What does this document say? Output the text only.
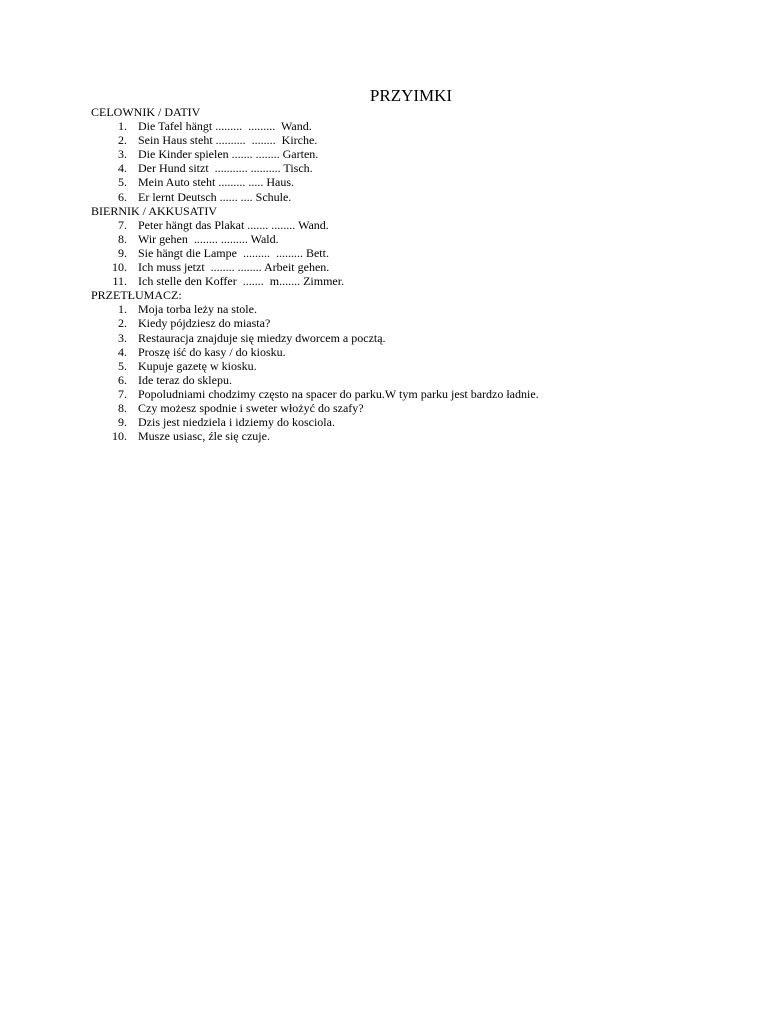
PRZYIMKI
CELOWNIK / DATIV
1. Die Tafel hängt .........  .........  Wand.
2. Sein Haus steht ..........  ........  Kirche.
3. Die Kinder spielen ....... ........ Garten.
4. Der Hund sitzt  ........... .......... Tisch.
5. Mein Auto steht ......... ..... Haus.
6. Er lernt Deutsch ...... .... Schule.
BIERNIK / AKKUSATIV
7. Peter hängt das Plakat ....... ........ Wand.
8. Wir gehen  ........ ......... Wald.
9. Sie hängt die Lampe  .........  ......... Bett.
10. Ich muss jetzt  ........ ........ Arbeit gehen.
11. Ich stelle den Koffer  .......  m....... Zimmer.
PRZETŁUMACZ:
1. Moja torba leży na stole.
2. Kiedy pójdziesz do miasta?
3. Restauracja znajduje się miedzy dworcem a pocztą.
4. Proszę iść do kasy / do kiosku.
5. Kupuje gazetę w kiosku.
6. Ide teraz do sklepu.
7. Popoludniami chodzimy często na spacer do parku.W tym parku jest bardzo ładnie.
8. Czy możesz spodnie i sweter włożyć do szafy?
9. Dzis jest niedziela i idziemy do kosciola.
10. Musze usiasc, źle się czuje.
